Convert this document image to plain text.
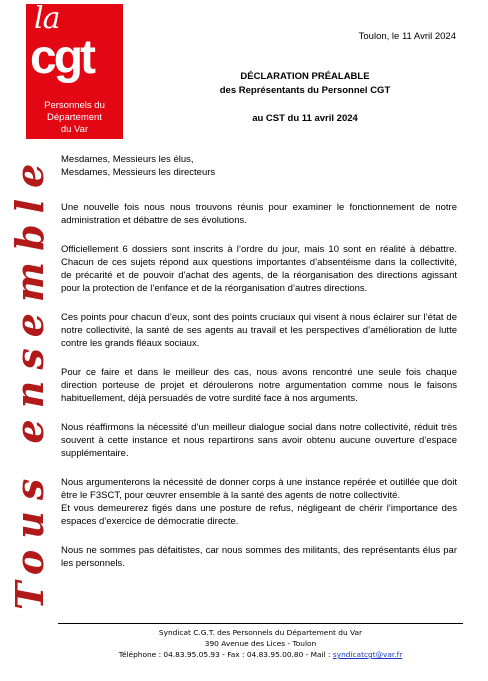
la
cgt
Personnels du
Département
du Var
Toulon, le 11 Avril 2024
DÉCLARATION PRÉALABLE
des Représentants du Personnel CGT
au CST du 11 avril 2024
Tous ensemble Mesdames, Messieurs les élus,
Mesdames, Messieurs les directeurs

Une nouvelle fois nous nous trouvons réunis pour examiner le fonctionnement de notre administration et débattre de ses évolutions.

Officiellement 6 dossiers sont inscrits à l’ordre du jour, mais 10 sont en réalité à débattre. Chacun de ces sujets répond aux questions importantes d’absentéisme dans la collectivité, de précarité et de pouvoir d’achat des agents, de la réorganisation des directions agissant pour la protection de l’enfance et de la réorganisation d’autres directions.

Ces points pour chacun d’eux, sont des points cruciaux qui visent à nous éclairer sur l’état de notre collectivité, la santé de ses agents au travail et les perspectives d’amélioration de lutte contre les grands fléaux sociaux.

Pour ce faire et dans le meilleur des cas, nous avons rencontré une seule fois chaque direction porteuse de projet et déroulerons notre argumentation comme nous le faisons habituellement, déjà persuadés de votre surdité face à nos arguments.

Nous réaffirmons la nécessité d’un meilleur dialogue social dans notre collectivité, réduit très souvent à cette instance et nous repartirons sans avoir obtenu aucune ouverture d’espace supplémentaire.

Nous argumenterons la nécessité de donner corps à une instance repérée et outillée que doit être le F3SCT, pour œuvrer ensemble à la santé des agents de notre collectivité.

Et vous demeurerez figés dans une posture de refus, négligeant de chérir l’importance des espaces d’exercice de démocratie directe.

Nous ne sommes pas défaitistes, car nous sommes des militants, des représentants élus par les personnels.

Syndicat C.G.T. des Personnels du Département du Var
390 Avenue des Lices - Toulon
Téléphone : 04.83.95.05.93 - Fax : 04.83.95.00.80 - Mail : syndicatcgt@var.fr
